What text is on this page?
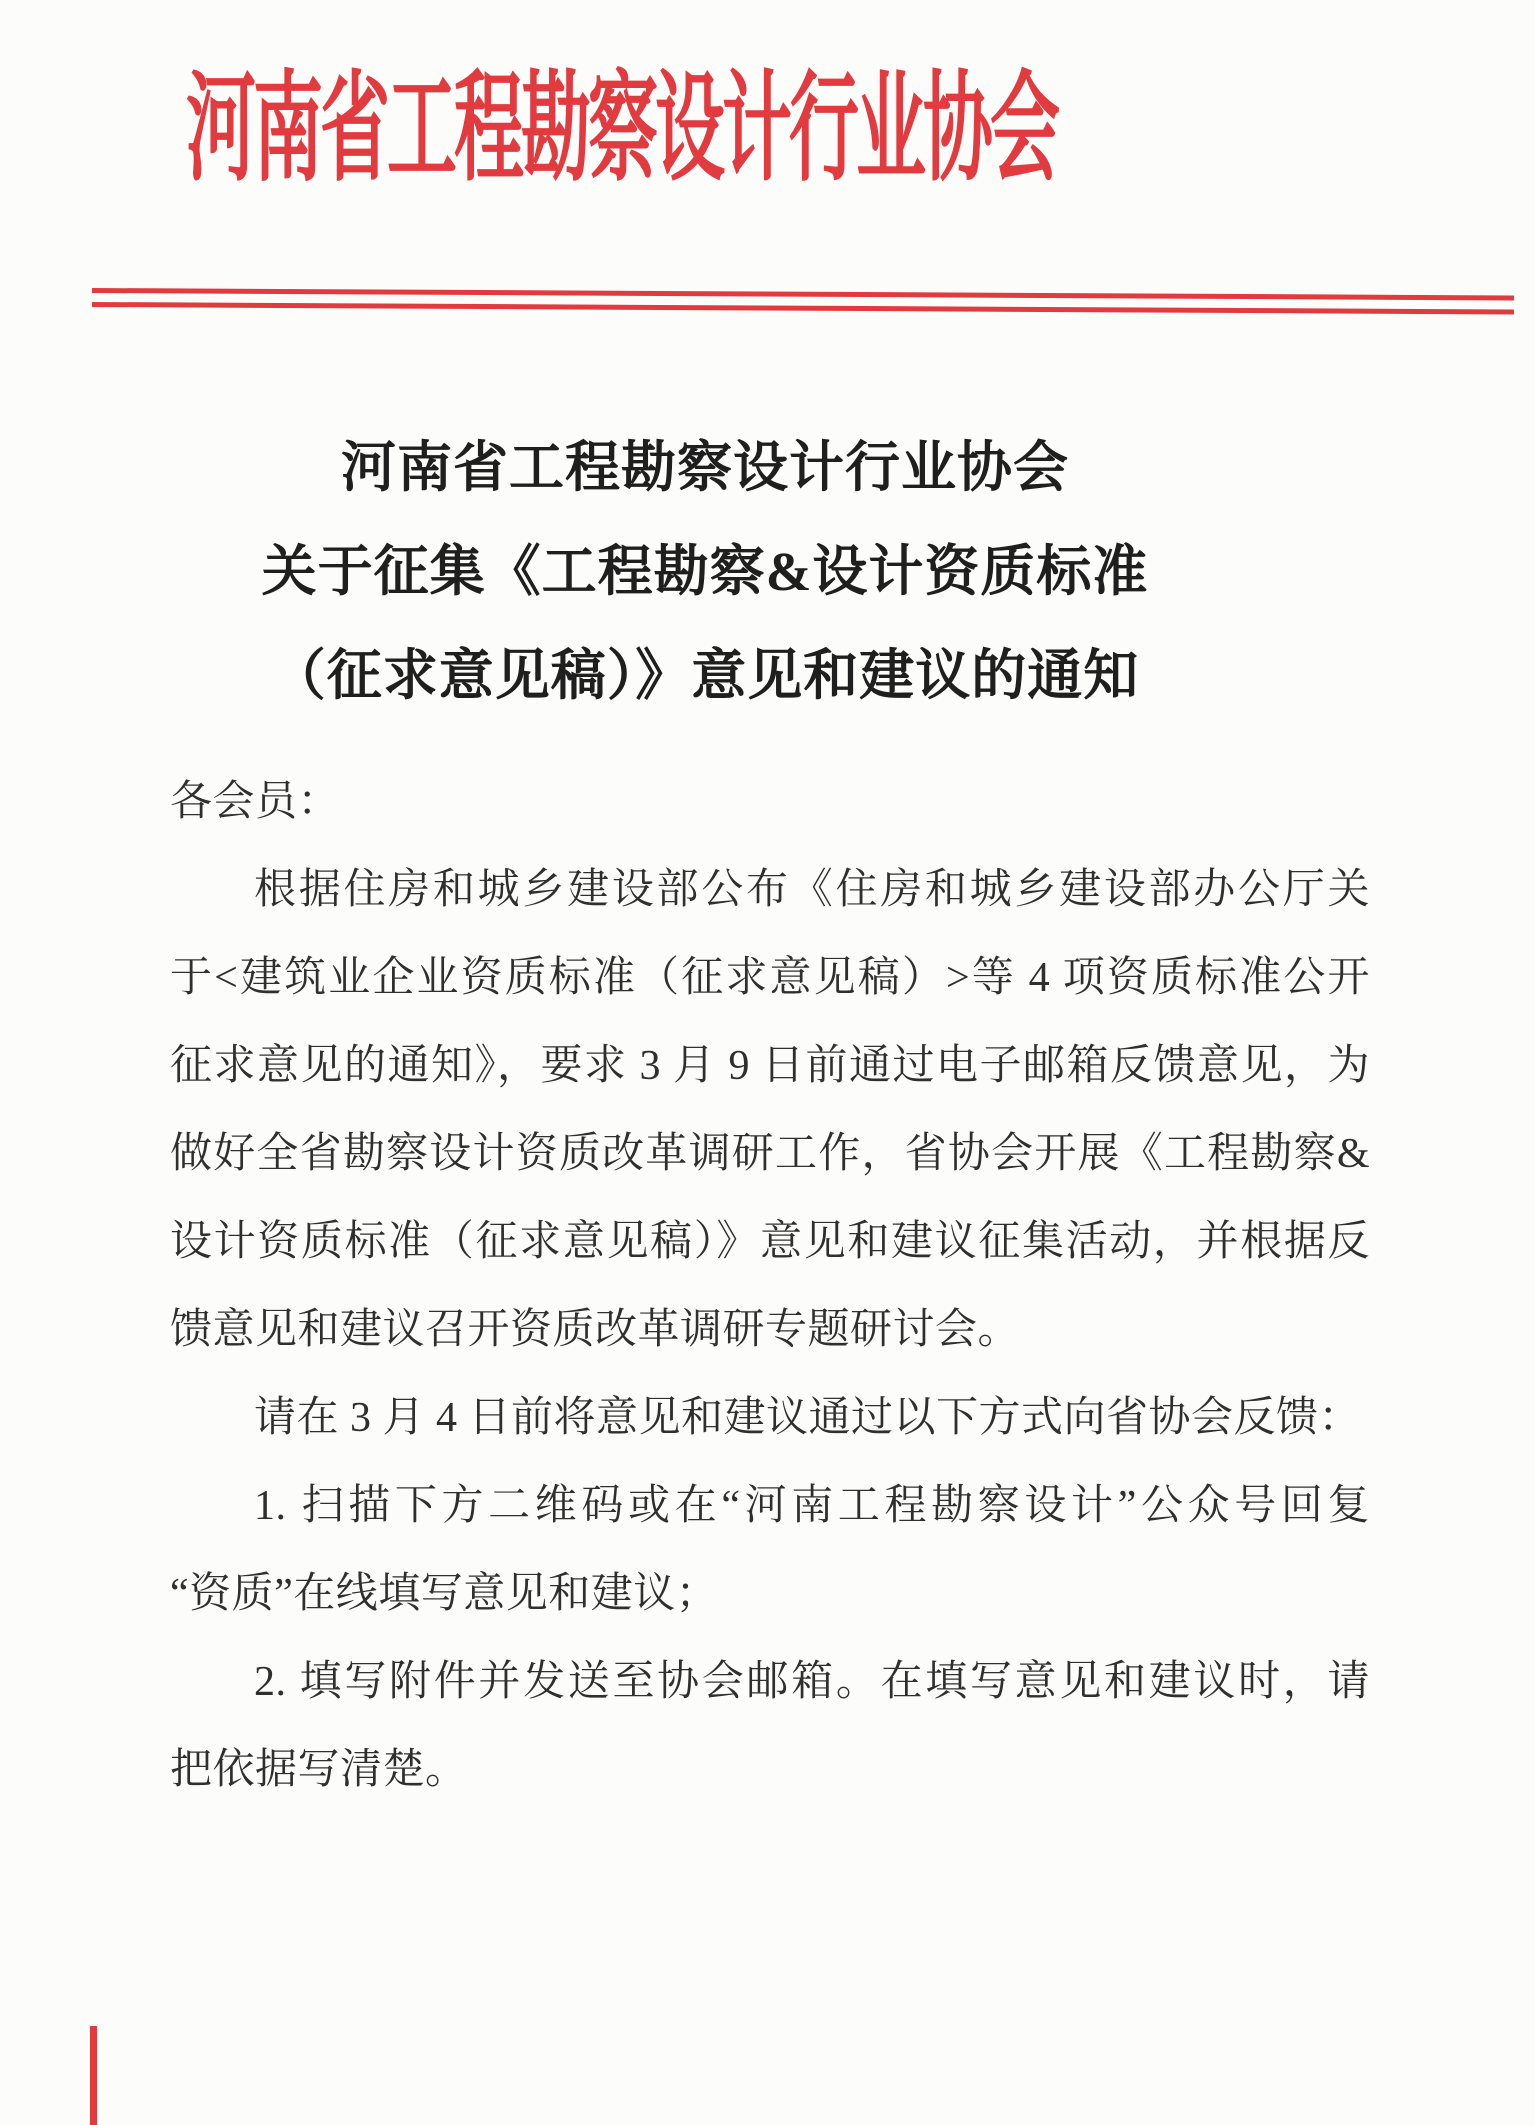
河南省工程勘察设计行业协会
河南省工程勘察设计行业协会
关于征集《工程勘察&设计资质标准
（征求意见稿）》意见和建议的通知
各会员：
根据住房和城乡建设部公布《住房和城乡建设部办公厅关
于<建筑业企业资质标准（征求意见稿）>等 4 项资质标准公开
征求意见的通知》，要求 3 月 9 日前通过电子邮箱反馈意见，为
做好全省勘察设计资质改革调研工作，省协会开展《工程勘察&
设计资质标准（征求意见稿）》意见和建议征集活动，并根据反
馈意见和建议召开资质改革调研专题研讨会。
请在 3 月 4 日前将意见和建议通过以下方式向省协会反馈：
1. 扫描下方二维码或在“河南工程勘察设计”公众号回复
“资质”在线填写意见和建议；
2. 填写附件并发送至协会邮箱。在填写意见和建议时，请
把依据写清楚。
